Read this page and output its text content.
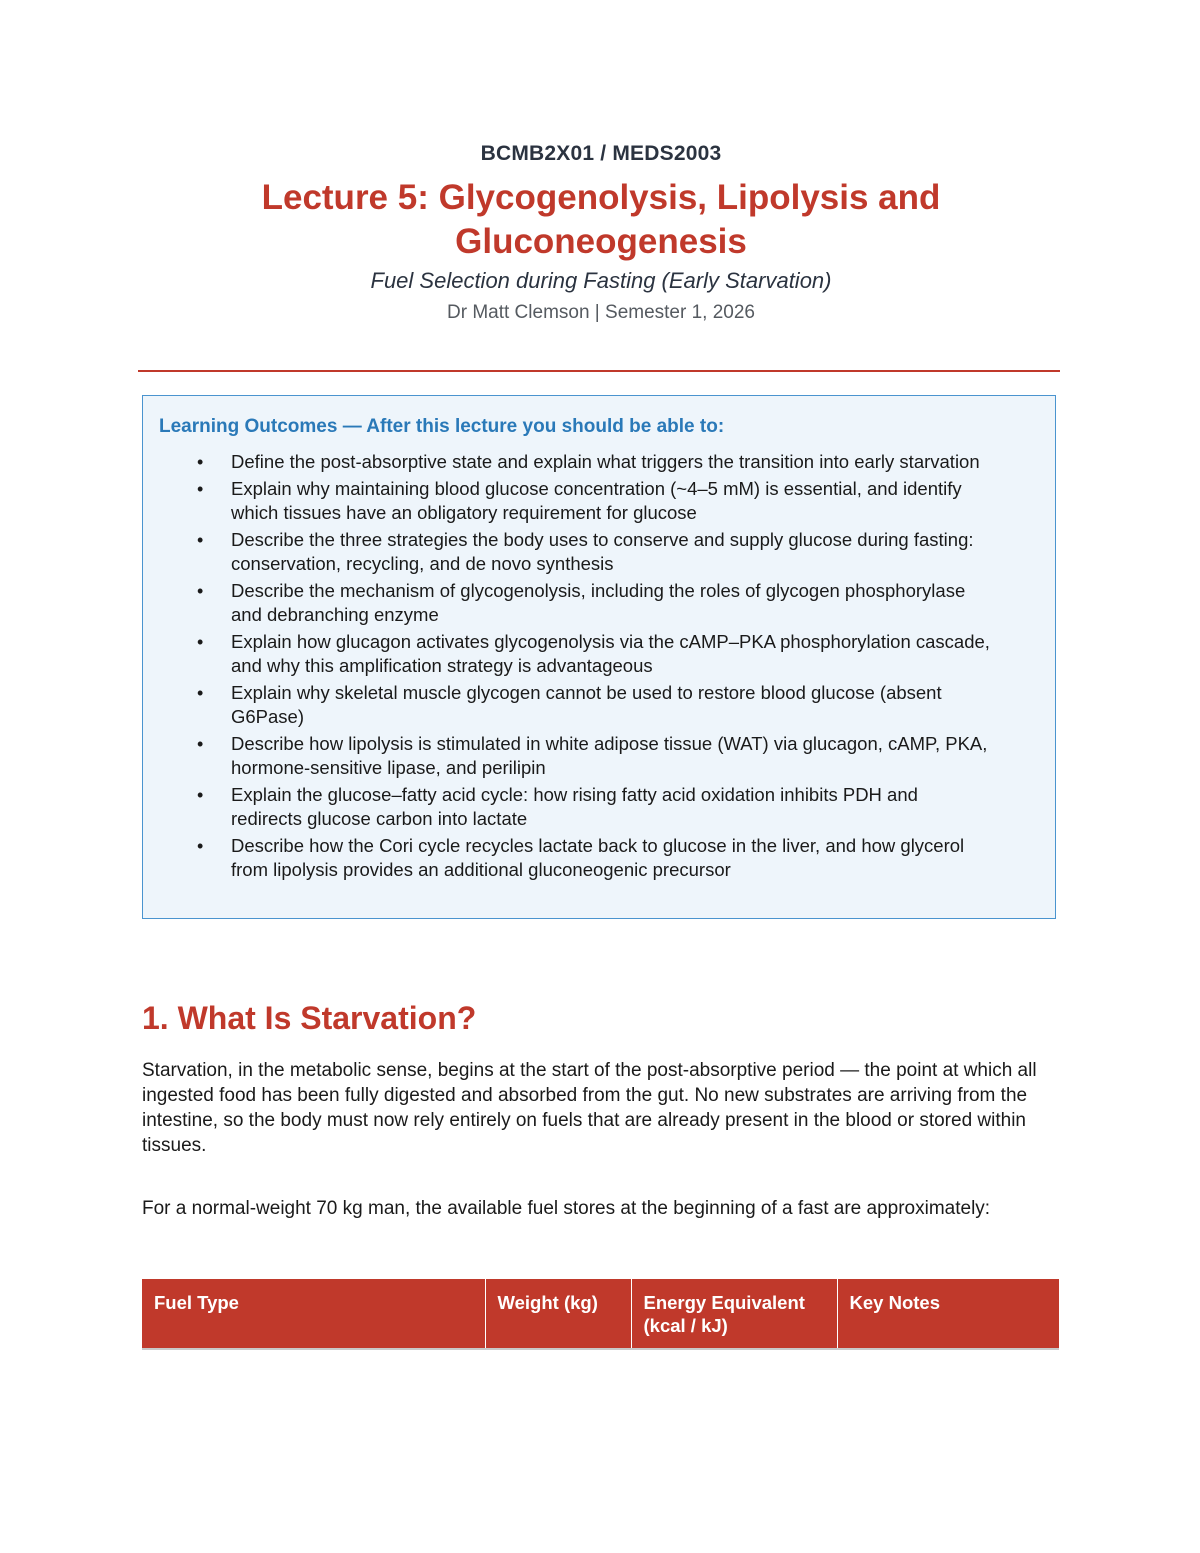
BCMB2X01 / MEDS2003
Lecture 5: Glycogenolysis, Lipolysis and
Gluconeogenesis
Fuel Selection during Fasting (Early Starvation)
Dr Matt Clemson | Semester 1, 2026
Learning Outcomes — After this lecture you should be able to:
• Define the post-absorptive state and explain what triggers the transition into early starvation
• Explain why maintaining blood glucose concentration (~4–5 mM) is essential, and identify which tissues have an obligatory requirement for glucose
• Describe the three strategies the body uses to conserve and supply glucose during fasting: conservation, recycling, and de novo synthesis
• Describe the mechanism of glycogenolysis, including the roles of glycogen phosphorylase and debranching enzyme
• Explain how glucagon activates glycogenolysis via the cAMP–PKA phosphorylation cascade, and why this amplification strategy is advantageous
• Explain why skeletal muscle glycogen cannot be used to restore blood glucose (absent G6Pase)
• Describe how lipolysis is stimulated in white adipose tissue (WAT) via glucagon, cAMP, PKA, hormone-sensitive lipase, and perilipin
• Explain the glucose–fatty acid cycle: how rising fatty acid oxidation inhibits PDH and redirects glucose carbon into lactate
• Describe how the Cori cycle recycles lactate back to glucose in the liver, and how glycerol from lipolysis provides an additional gluconeogenic precursor
1. What Is Starvation?

Starvation, in the metabolic sense, begins at the start of the post-absorptive period — the point at which all ingested food has been fully digested and absorbed from the gut. No new substrates are arriving from the intestine, so the body must now rely entirely on fuels that are already present in the blood or stored within tissues.

For a normal-weight 70 kg man, the available fuel stores at the beginning of a fast are approximately:

Fuel Type	Weight (kg)	Energy Equivalent (kcal / kJ)	Key Notes
